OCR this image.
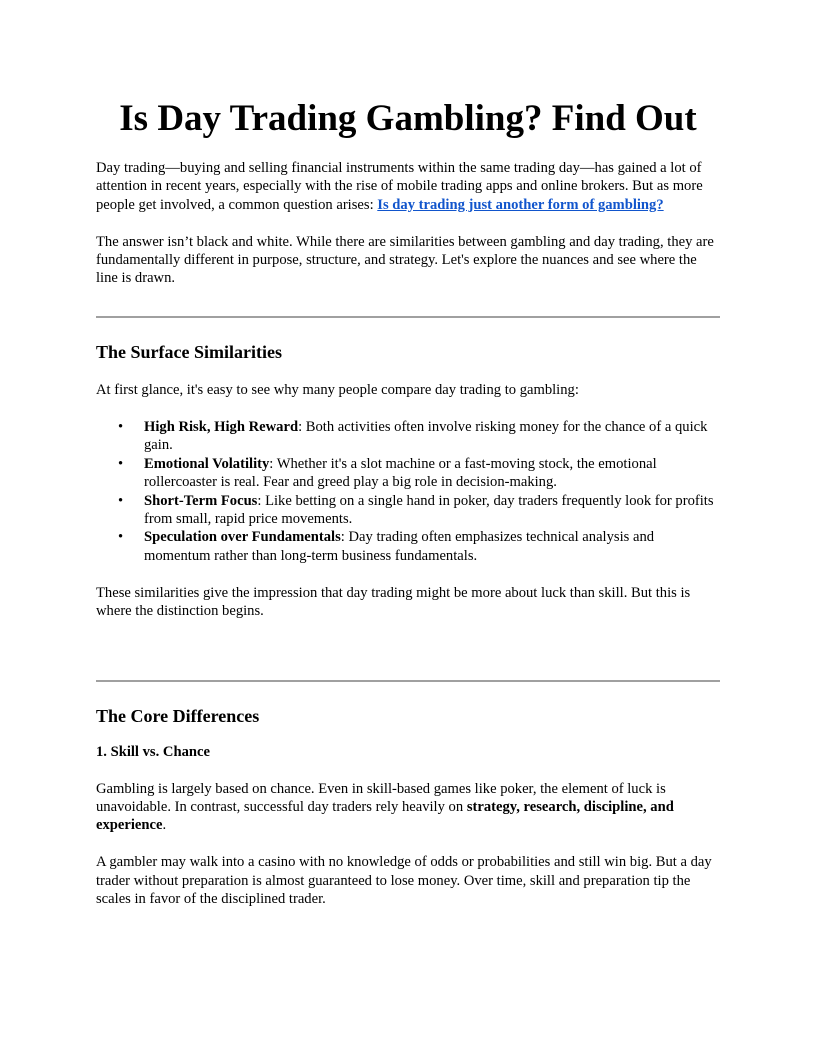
Is Day Trading Gambling? Find Out

Day trading—buying and selling financial instruments within the same trading day—has gained a lot of attention in recent years, especially with the rise of mobile trading apps and online brokers. But as more people get involved, a common question arises: Is day trading just another form of gambling?

The answer isn’t black and white. While there are similarities between gambling and day trading, they are fundamentally different in purpose, structure, and strategy. Let's explore the nuances and see where the line is drawn.

The Surface Similarities

At first glance, it's easy to see why many people compare day trading to gambling:

• High Risk, High Reward: Both activities often involve risking money for the chance of a quick gain.
• Emotional Volatility: Whether it's a slot machine or a fast-moving stock, the emotional rollercoaster is real. Fear and greed play a big role in decision-making.
• Short-Term Focus: Like betting on a single hand in poker, day traders frequently look for profits from small, rapid price movements.
• Speculation over Fundamentals: Day trading often emphasizes technical analysis and momentum rather than long-term business fundamentals.

These similarities give the impression that day trading might be more about luck than skill. But this is where the distinction begins.

The Core Differences
1. Skill vs. Chance

Gambling is largely based on chance. Even in skill-based games like poker, the element of luck is unavoidable. In contrast, successful day traders rely heavily on strategy, research, discipline, and experience.

A gambler may walk into a casino with no knowledge of odds or probabilities and still win big. But a day trader without preparation is almost guaranteed to lose money. Over time, skill and preparation tip the scales in favor of the disciplined trader.
